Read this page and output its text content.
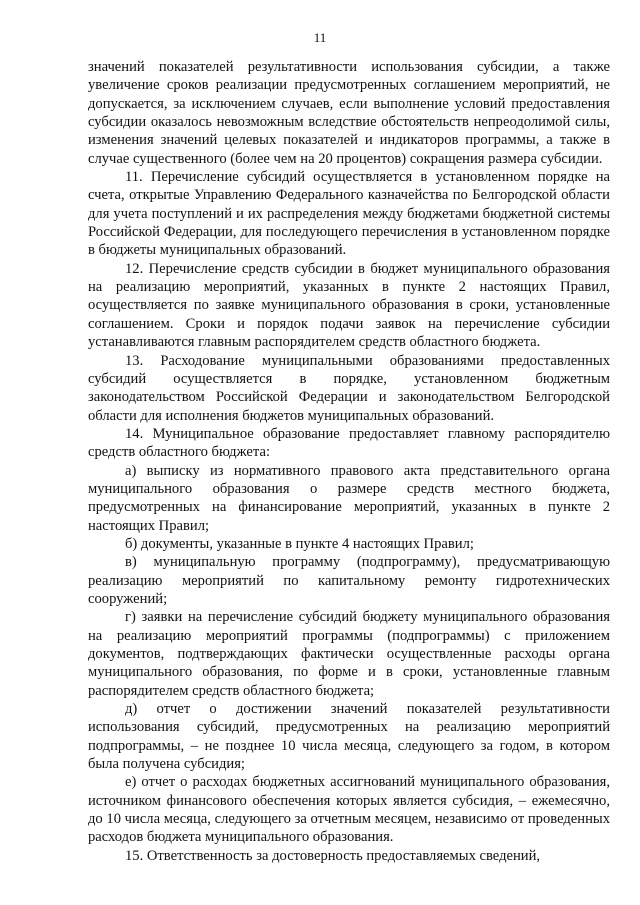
11

значений показателей результативности использования субсидии, а также увеличение сроков реализации предусмотренных соглашением мероприятий, не допускается, за исключением случаев, если выполнение условий предоставления субсидии оказалось невозможным вследствие обстоятельств непреодолимой силы, изменения значений целевых показателей и индикаторов программы, а также в случае существенного (более чем на 20 процентов) сокращения размера субсидии.

11. Перечисление субсидий осуществляется в установленном порядке на счета, открытые Управлению Федерального казначейства по Белгородской области для учета поступлений и их распределения между бюджетами бюджетной системы Российской Федерации, для последующего перечисления в установленном порядке в бюджеты муниципальных образований.

12. Перечисление средств субсидии в бюджет муниципального образования на реализацию мероприятий, указанных в пункте 2 настоящих Правил, осуществляется по заявке муниципального образования в сроки, установленные соглашением. Сроки и порядок подачи заявок на перечисление субсидии устанавливаются главным распорядителем средств областного бюджета.

13. Расходование муниципальными образованиями предоставленных субсидий осуществляется в порядке, установленном бюджетным законодательством Российской Федерации и законодательством Белгородской области для исполнения бюджетов муниципальных образований.

14. Муниципальное образование предоставляет главному распорядителю средств областного бюджета:

а) выписку из нормативного правового акта представительного органа муниципального образования о размере средств местного бюджета, предусмотренных на финансирование мероприятий, указанных в пункте 2 настоящих Правил;

б) документы, указанные в пункте 4 настоящих Правил;

в) муниципальную программу (подпрограмму), предусматривающую реализацию мероприятий по капитальному ремонту гидротехнических сооружений;

г) заявки на перечисление субсидий бюджету муниципального образования на реализацию мероприятий программы (подпрограммы) с приложением документов, подтверждающих фактически осуществленные расходы органа муниципального образования, по форме и в сроки, установленные главным распорядителем средств областного бюджета;

д) отчет о достижении значений показателей результативности использования субсидий, предусмотренных на реализацию мероприятий подпрограммы, – не позднее 10 числа месяца, следующего за годом, в котором была получена субсидия;

е) отчет о расходах бюджетных ассигнований муниципального образования, источником финансового обеспечения которых является субсидия, – ежемесячно, до 10 числа месяца, следующего за отчетным месяцем, независимо от проведенных расходов бюджета муниципального образования.

15. Ответственность за достоверность предоставляемых сведений,
